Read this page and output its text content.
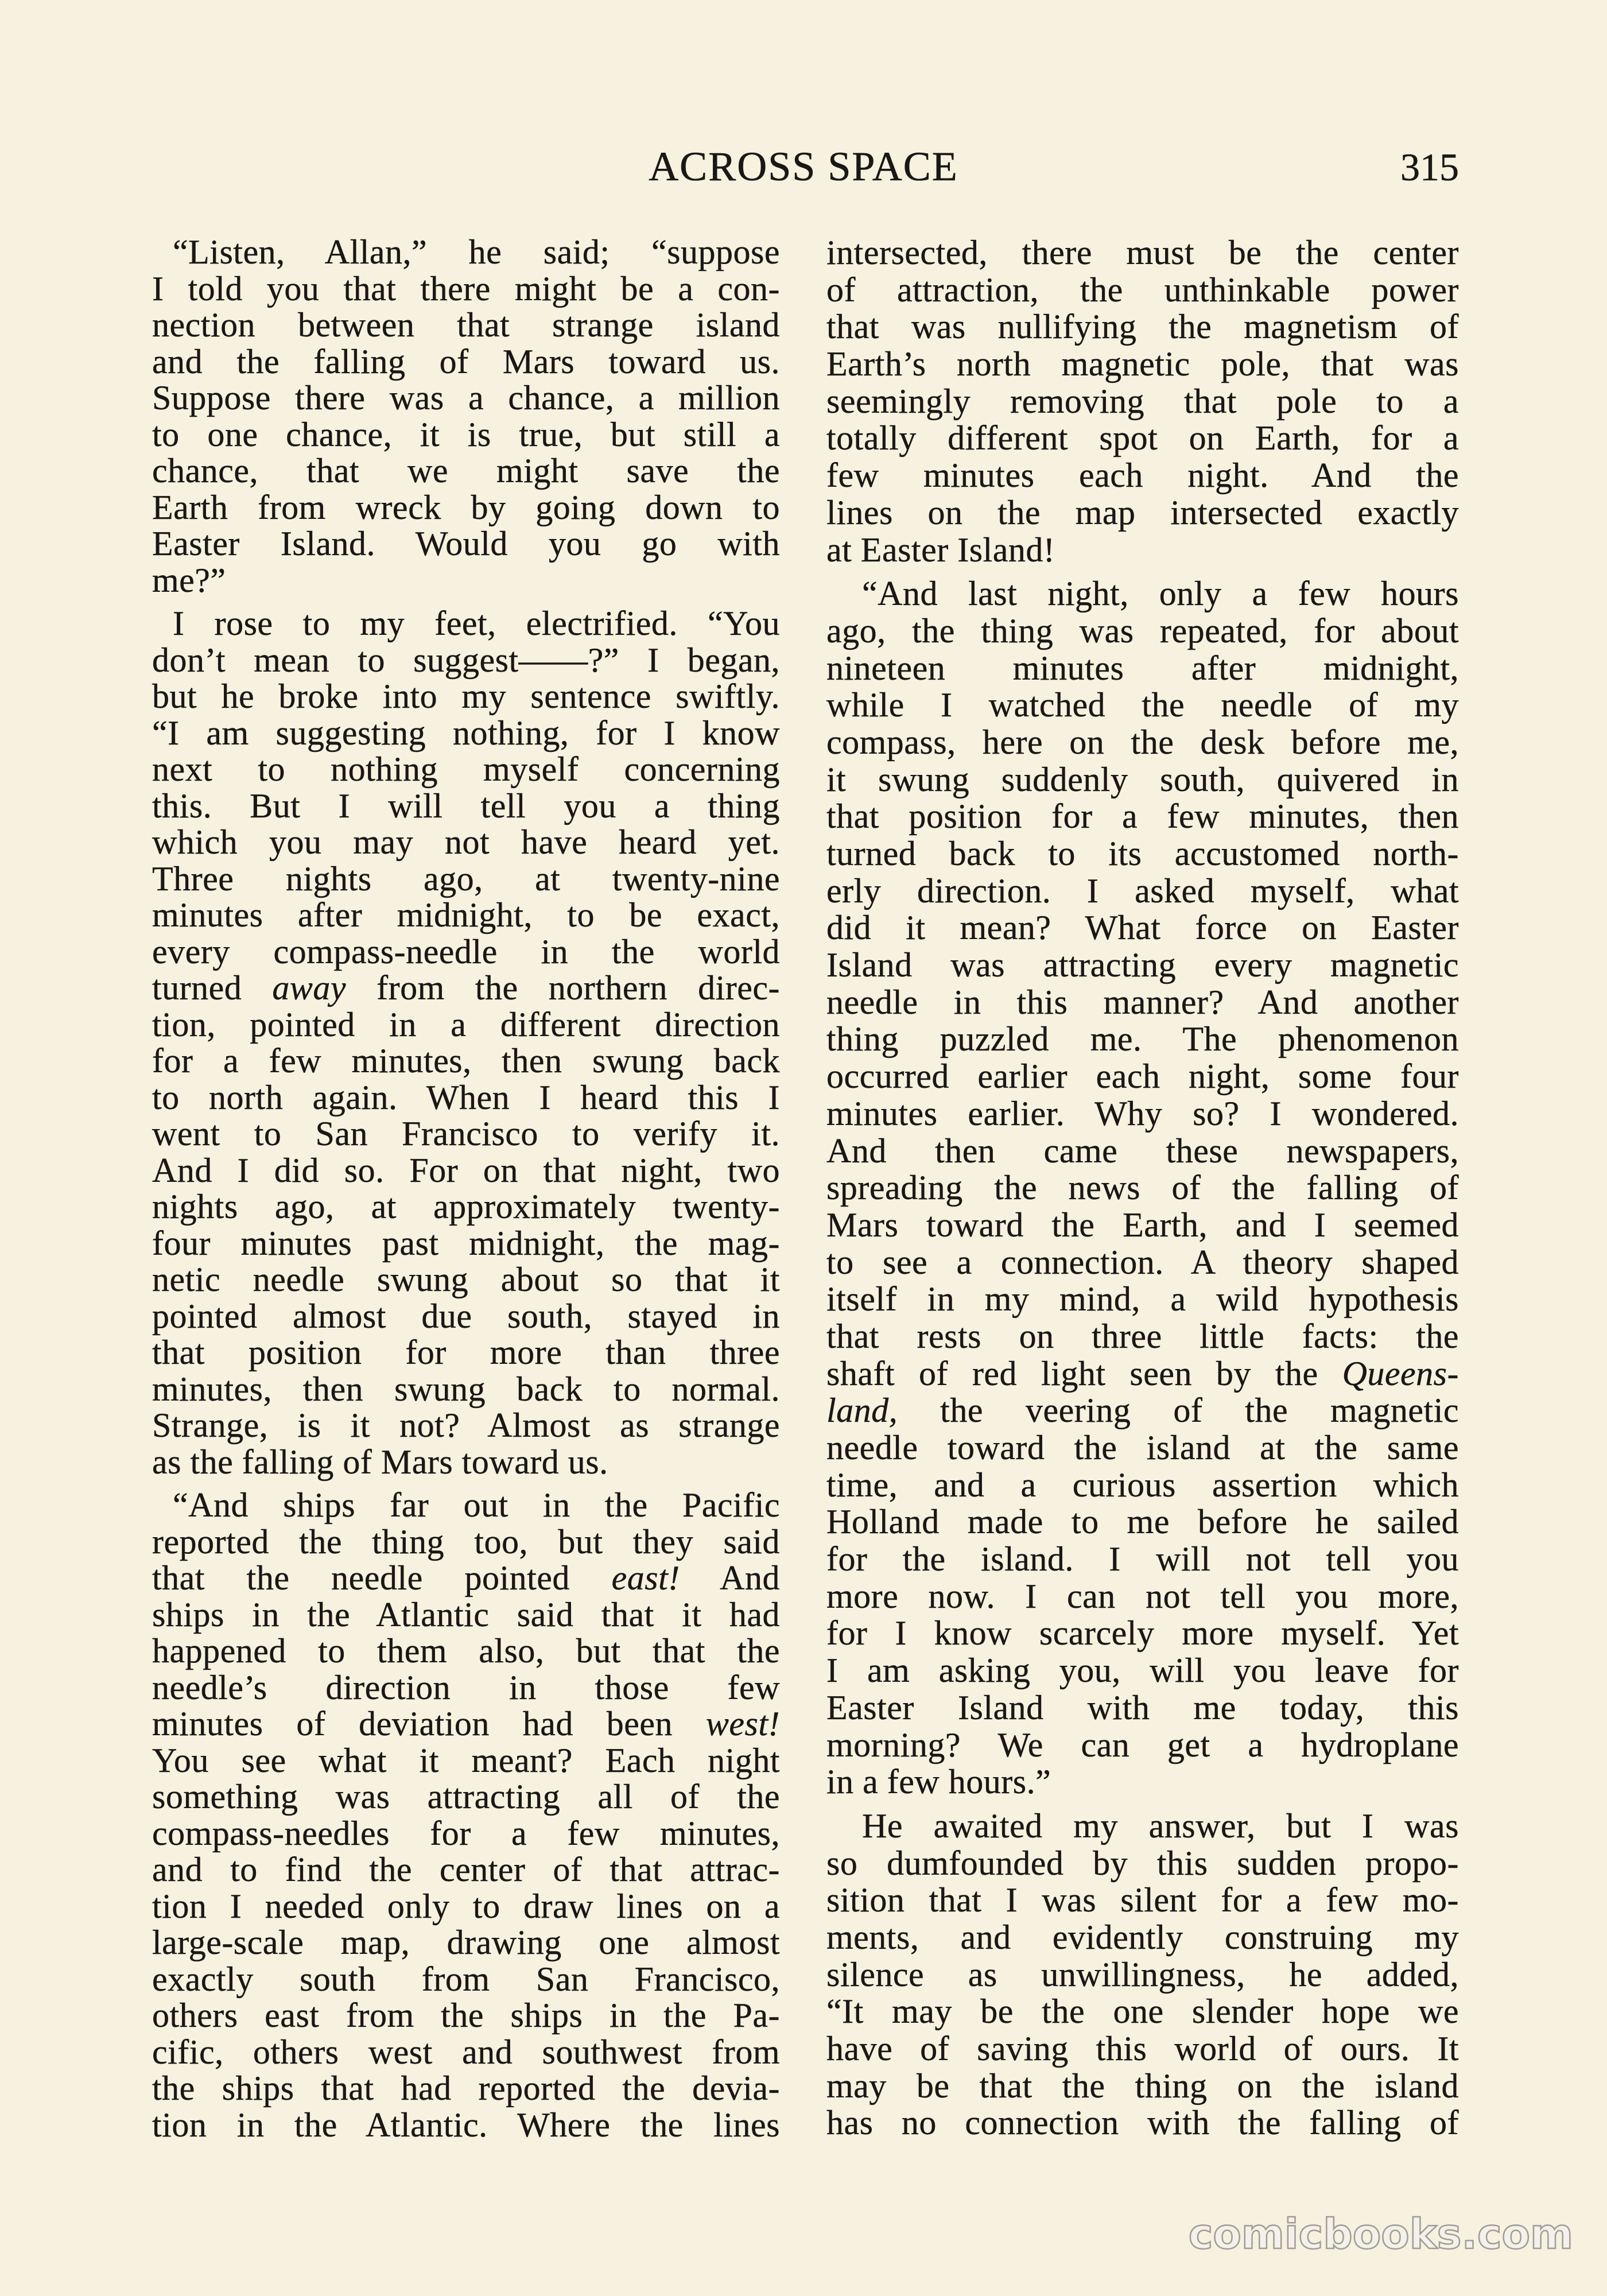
ACROSS SPACE	315
“Listen, Allan,” he said; “suppose
I told you that there might be a con-
nection between that strange island
and the falling of Mars toward us.
Suppose there was a chance, a million
to one chance, it is true, but still a
chance, that we might save the
Earth from wreck by going down to
Easter Island. Would you go with
me?”
I rose to my feet, electrified. “You
don’t mean to suggest——?” I began,
but he broke into my sentence swiftly.
“I am suggesting nothing, for I know
next to nothing myself concerning
this. But I will tell you a thing
which you may not have heard yet.
Three nights ago, at twenty-nine
minutes after midnight, to be exact,
every compass-needle in the world
turned away from the northern direc-
tion, pointed in a different direction
for a few minutes, then swung back
to north again. When I heard this I
went to San Francisco to verify it.
And I did so. For on that night, two
nights ago, at approximately twenty-
four minutes past midnight, the mag-
netic needle swung about so that it
pointed almost due south, stayed in
that position for more than three
minutes, then swung back to normal.
Strange, is it not? Almost as strange
as the falling of Mars toward us.
“And ships far out in the Pacific
reported the thing too, but they said
that the needle pointed east! And
ships in the Atlantic said that it had
happened to them also, but that the
needle’s direction in those few
minutes of deviation had been west!
You see what it meant? Each night
something was attracting all of the
compass-needles for a few minutes,
and to find the center of that attrac-
tion I needed only to draw lines on a
large-scale map, drawing one almost
exactly south from San Francisco,
others east from the ships in the Pa-
cific, others west and southwest from
the ships that had reported the devia-
tion in the Atlantic. Where the lines
intersected, there must be the center
of attraction, the unthinkable power
that was nullifying the magnetism of
Earth’s north magnetic pole, that was
seemingly removing that pole to a
totally different spot on Earth, for a
few minutes each night. And the
lines on the map intersected exactly
at Easter Island!
“And last night, only a few hours
ago, the thing was repeated, for about
nineteen minutes after midnight,
while I watched the needle of my
compass, here on the desk before me,
it swung suddenly south, quivered in
that position for a few minutes, then
turned back to its accustomed north-
erly direction. I asked myself, what
did it mean? What force on Easter
Island was attracting every magnetic
needle in this manner? And another
thing puzzled me. The phenomenon
occurred earlier each night, some four
minutes earlier. Why so? I wondered.
And then came these newspapers,
spreading the news of the falling of
Mars toward the Earth, and I seemed
to see a connection. A theory shaped
itself in my mind, a wild hypothesis
that rests on three little facts: the
shaft of red light seen by the Queens-
land, the veering of the magnetic
needle toward the island at the same
time, and a curious assertion which
Holland made to me before he sailed
for the island. I will not tell you
more now. I can not tell you more,
for I know scarcely more myself. Yet
I am asking you, will you leave for
Easter Island with me today, this
morning? We can get a hydroplane
in a few hours.”
He awaited my answer, but I was
so dumfounded by this sudden propo-
sition that I was silent for a few mo-
ments, and evidently construing my
silence as unwillingness, he added,
“It may be the one slender hope we
have of saving this world of ours. It
may be that the thing on the island
has no connection with the falling of
comicbooks.com
